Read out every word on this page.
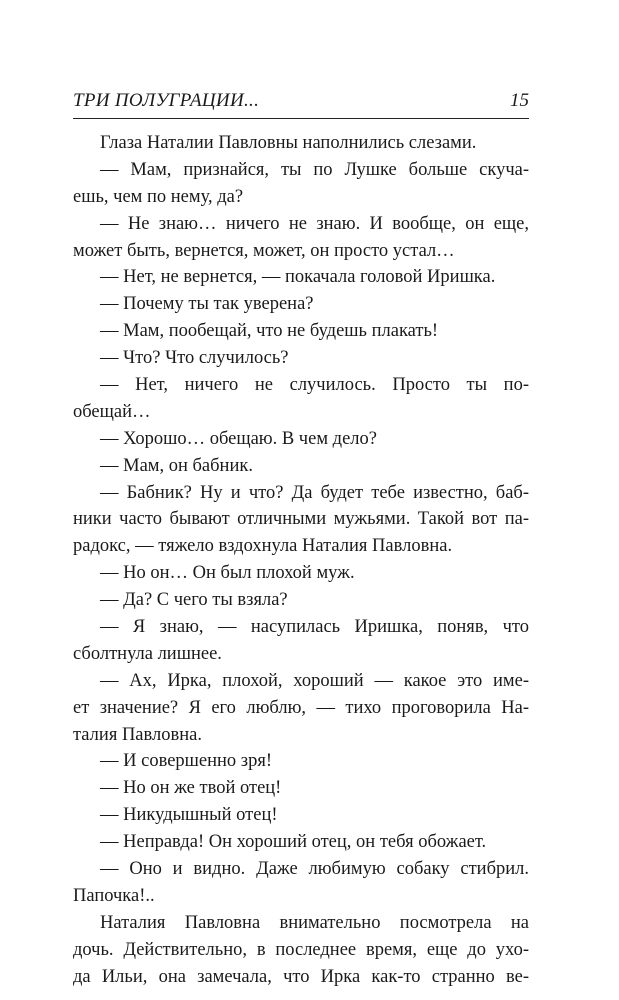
ТРИ ПОЛУГРАЦИИ...	15
Глаза Наталии Павловны наполнились слезами.
— Мам, признайся, ты по Лушке больше скуча-
ешь, чем по нему, да?
— Не знаю… ничего не знаю. И вообще, он еще,
может быть, вернется, может, он просто устал…
— Нет, не вернется, — покачала головой Иришка.
— Почему ты так уверена?
— Мам, пообещай, что не будешь плакать!
— Что? Что случилось?
— Нет, ничего не случилось. Просто ты по-
обещай…
— Хорошо… обещаю. В чем дело?
— Мам, он бабник.
— Бабник? Ну и что? Да будет тебе известно, баб-
ники часто бывают отличными мужьями. Такой вот па-
радокс, — тяжело вздохнула Наталия Павловна.
— Но он… Он был плохой муж.
— Да? С чего ты взяла?
— Я знаю, — насупилась Иришка, поняв, что
сболтнула лишнее.
— Ах, Ирка, плохой, хороший — какое это име-
ет значение? Я его люблю, — тихо проговорила На-
талия Павловна.
— И совершенно зря!
— Но он же твой отец!
— Никудышный отец!
— Неправда! Он хороший отец, он тебя обожает.
— Оно и видно. Даже любимую собаку стибрил.
Папочка!..
Наталия Павловна внимательно посмотрела на
дочь. Действительно, в последнее время, еще до ухо-
да Ильи, она замечала, что Ирка как-то странно ве-
